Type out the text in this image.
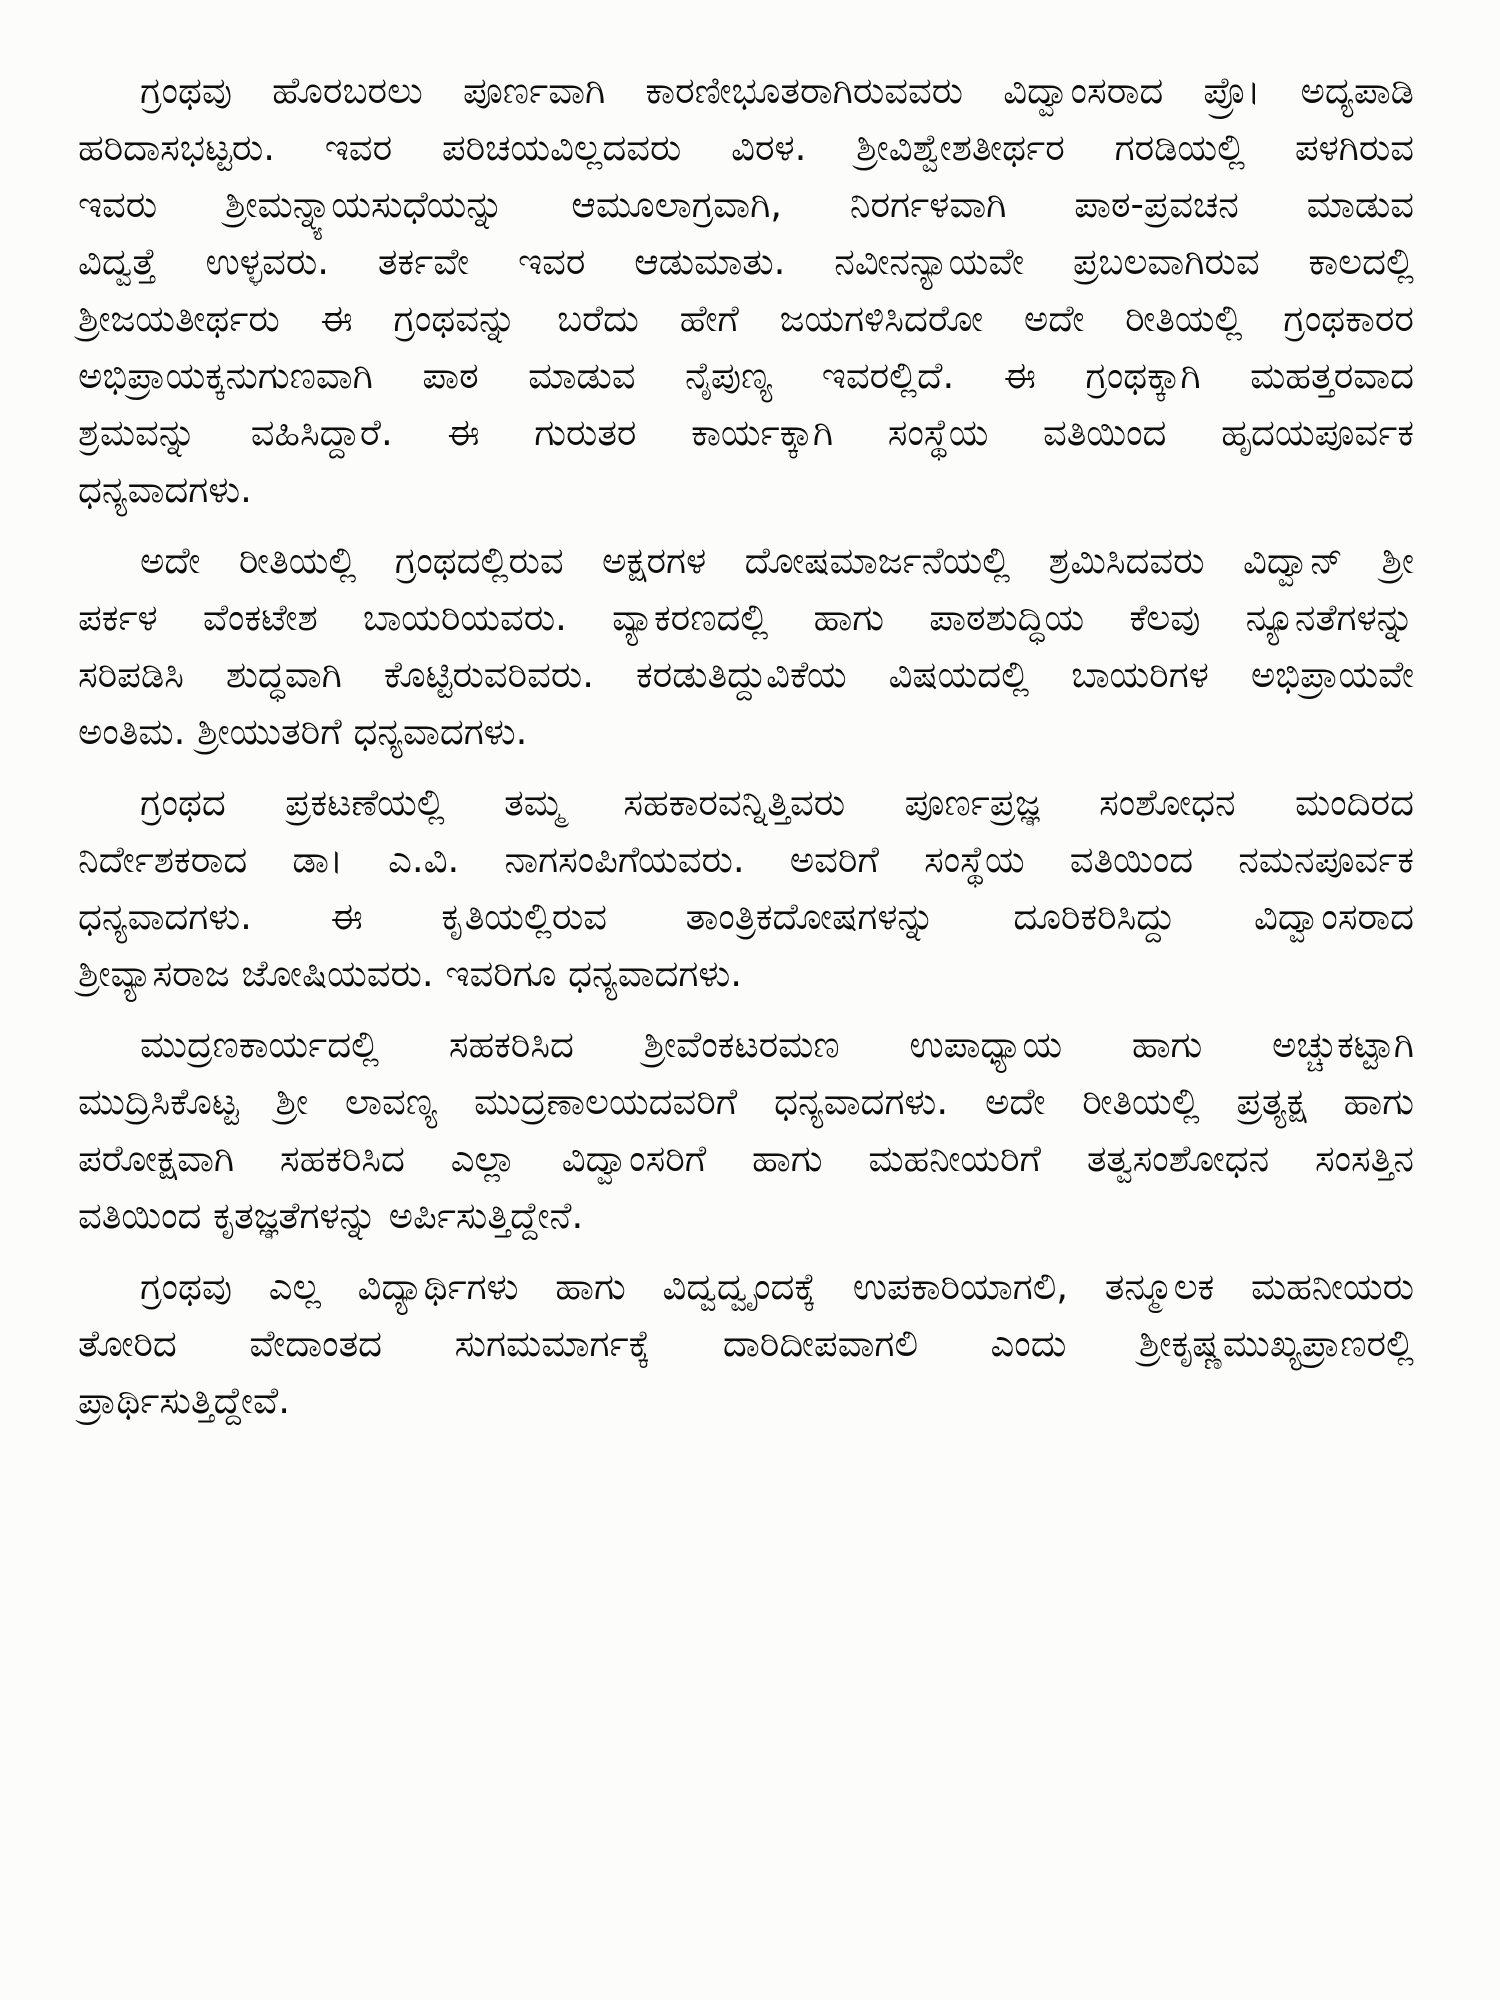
ಗ್ರಂಥವು ಹೊರಬರಲು ಪೂರ್ಣವಾಗಿ ಕಾರಣೀಭೂತರಾಗಿರುವವರು ವಿದ್ವಾಂಸರಾದ ಪ್ರೊ। ಅದ್ಯಪಾಡಿ
ಹರಿದಾಸಭಟ್ಟರು. ಇವರ ಪರಿಚಯವಿಲ್ಲದವರು ವಿರಳ. ಶ್ರೀವಿಶ್ವೇಶತೀರ್ಥರ ಗರಡಿಯಲ್ಲಿ ಪಳಗಿರುವ
ಇವರು ಶ್ರೀಮನ್ನ್ಯಾಯಸುಧೆಯನ್ನು ಆಮೂಲಾಗ್ರವಾಗಿ, ನಿರರ್ಗಳವಾಗಿ ಪಾಠ-ಪ್ರವಚನ ಮಾಡುವ
ವಿದ್ವತ್ತೆ ಉಳ್ಳವರು. ತರ್ಕವೇ ಇವರ ಆಡುಮಾತು. ನವೀನನ್ಯಾಯವೇ ಪ್ರಬಲವಾಗಿರುವ ಕಾಲದಲ್ಲಿ
ಶ್ರೀಜಯತೀರ್ಥರು ಈ ಗ್ರಂಥವನ್ನು ಬರೆದು ಹೇಗೆ ಜಯಗಳಿಸಿದರೋ ಅದೇ ರೀತಿಯಲ್ಲಿ ಗ್ರಂಥಕಾರರ
ಅಭಿಪ್ರಾಯಕ್ಕನುಗುಣವಾಗಿ ಪಾಠ ಮಾಡುವ ನೈಪುಣ್ಯ ಇವರಲ್ಲಿದೆ. ಈ ಗ್ರಂಥಕ್ಕಾಗಿ ಮಹತ್ತರವಾದ
ಶ್ರಮವನ್ನು ವಹಿಸಿದ್ದಾರೆ. ಈ ಗುರುತರ ಕಾರ್ಯಕ್ಕಾಗಿ ಸಂಸ್ಥೆಯ ವತಿಯಿಂದ ಹೃದಯಪೂರ್ವಕ
ಧನ್ಯವಾದಗಳು.
ಅದೇ ರೀತಿಯಲ್ಲಿ ಗ್ರಂಥದಲ್ಲಿರುವ ಅಕ್ಷರಗಳ ದೋಷಮಾರ್ಜನೆಯಲ್ಲಿ ಶ್ರಮಿಸಿದವರು ವಿದ್ವಾನ್ ಶ್ರೀ
ಪರ್ಕಳ ವೆಂಕಟೇಶ ಬಾಯರಿಯವರು. ವ್ಯಾಕರಣದಲ್ಲಿ ಹಾಗು ಪಾಠಶುದ್ಧಿಯ ಕೆಲವು ನ್ಯೂನತೆಗಳನ್ನು
ಸರಿಪಡಿಸಿ ಶುದ್ಧವಾಗಿ ಕೊಟ್ಟಿರುವರಿವರು. ಕರಡುತಿದ್ದುವಿಕೆಯ ವಿಷಯದಲ್ಲಿ ಬಾಯರಿಗಳ ಅಭಿಪ್ರಾಯವೇ
ಅಂತಿಮ. ಶ್ರೀಯುತರಿಗೆ ಧನ್ಯವಾದಗಳು.
ಗ್ರಂಥದ ಪ್ರಕಟಣೆಯಲ್ಲಿ ತಮ್ಮ ಸಹಕಾರವನ್ನಿತ್ತಿವರು ಪೂರ್ಣಪ್ರಜ್ಞ ಸಂಶೋಧನ ಮಂದಿರದ
ನಿರ್ದೇಶಕರಾದ ಡಾ। ಎ.ವಿ. ನಾಗಸಂಪಿಗೆಯವರು. ಅವರಿಗೆ ಸಂಸ್ಥೆಯ ವತಿಯಿಂದ ನಮನಪೂರ್ವಕ
ಧನ್ಯವಾದಗಳು. ಈ ಕೃತಿಯಲ್ಲಿರುವ ತಾಂತ್ರಿಕದೋಷಗಳನ್ನು ದೂರಿಕರಿಸಿದ್ದು ವಿದ್ವಾಂಸರಾದ
ಶ್ರೀವ್ಯಾಸರಾಜ ಜೋಷಿಯವರು. ಇವರಿಗೂ ಧನ್ಯವಾದಗಳು.
ಮುದ್ರಣಕಾರ್ಯದಲ್ಲಿ ಸಹಕರಿಸಿದ ಶ್ರೀವೆಂಕಟರಮಣ ಉಪಾಧ್ಯಾಯ ಹಾಗು ಅಚ್ಚುಕಟ್ಟಾಗಿ
ಮುದ್ರಿಸಿಕೊಟ್ಟ ಶ್ರೀ ಲಾವಣ್ಯ ಮುದ್ರಣಾಲಯದವರಿಗೆ ಧನ್ಯವಾದಗಳು. ಅದೇ ರೀತಿಯಲ್ಲಿ ಪ್ರತ್ಯಕ್ಷ ಹಾಗು
ಪರೋಕ್ಷವಾಗಿ ಸಹಕರಿಸಿದ ಎಲ್ಲಾ ವಿದ್ವಾಂಸರಿಗೆ ಹಾಗು ಮಹನೀಯರಿಗೆ ತತ್ವಸಂಶೋಧನ ಸಂಸತ್ತಿನ
ವತಿಯಿಂದ ಕೃತಜ್ಞತೆಗಳನ್ನು ಅರ್ಪಿಸುತ್ತಿದ್ದೇನೆ.
ಗ್ರಂಥವು ಎಲ್ಲ ವಿದ್ಯಾರ್ಥಿಗಳು ಹಾಗು ವಿದ್ವದ್ವೃಂದಕ್ಕೆ ಉಪಕಾರಿಯಾಗಲಿ, ತನ್ಮೂಲಕ ಮಹನೀಯರು
ತೋರಿದ ವೇದಾಂತದ ಸುಗಮಮಾರ್ಗಕ್ಕೆ ದಾರಿದೀಪವಾಗಲಿ ಎಂದು ಶ್ರೀಕೃಷ್ಣಮುಖ್ಯಪ್ರಾಣರಲ್ಲಿ
ಪ್ರಾರ್ಥಿಸುತ್ತಿದ್ದೇವೆ.
